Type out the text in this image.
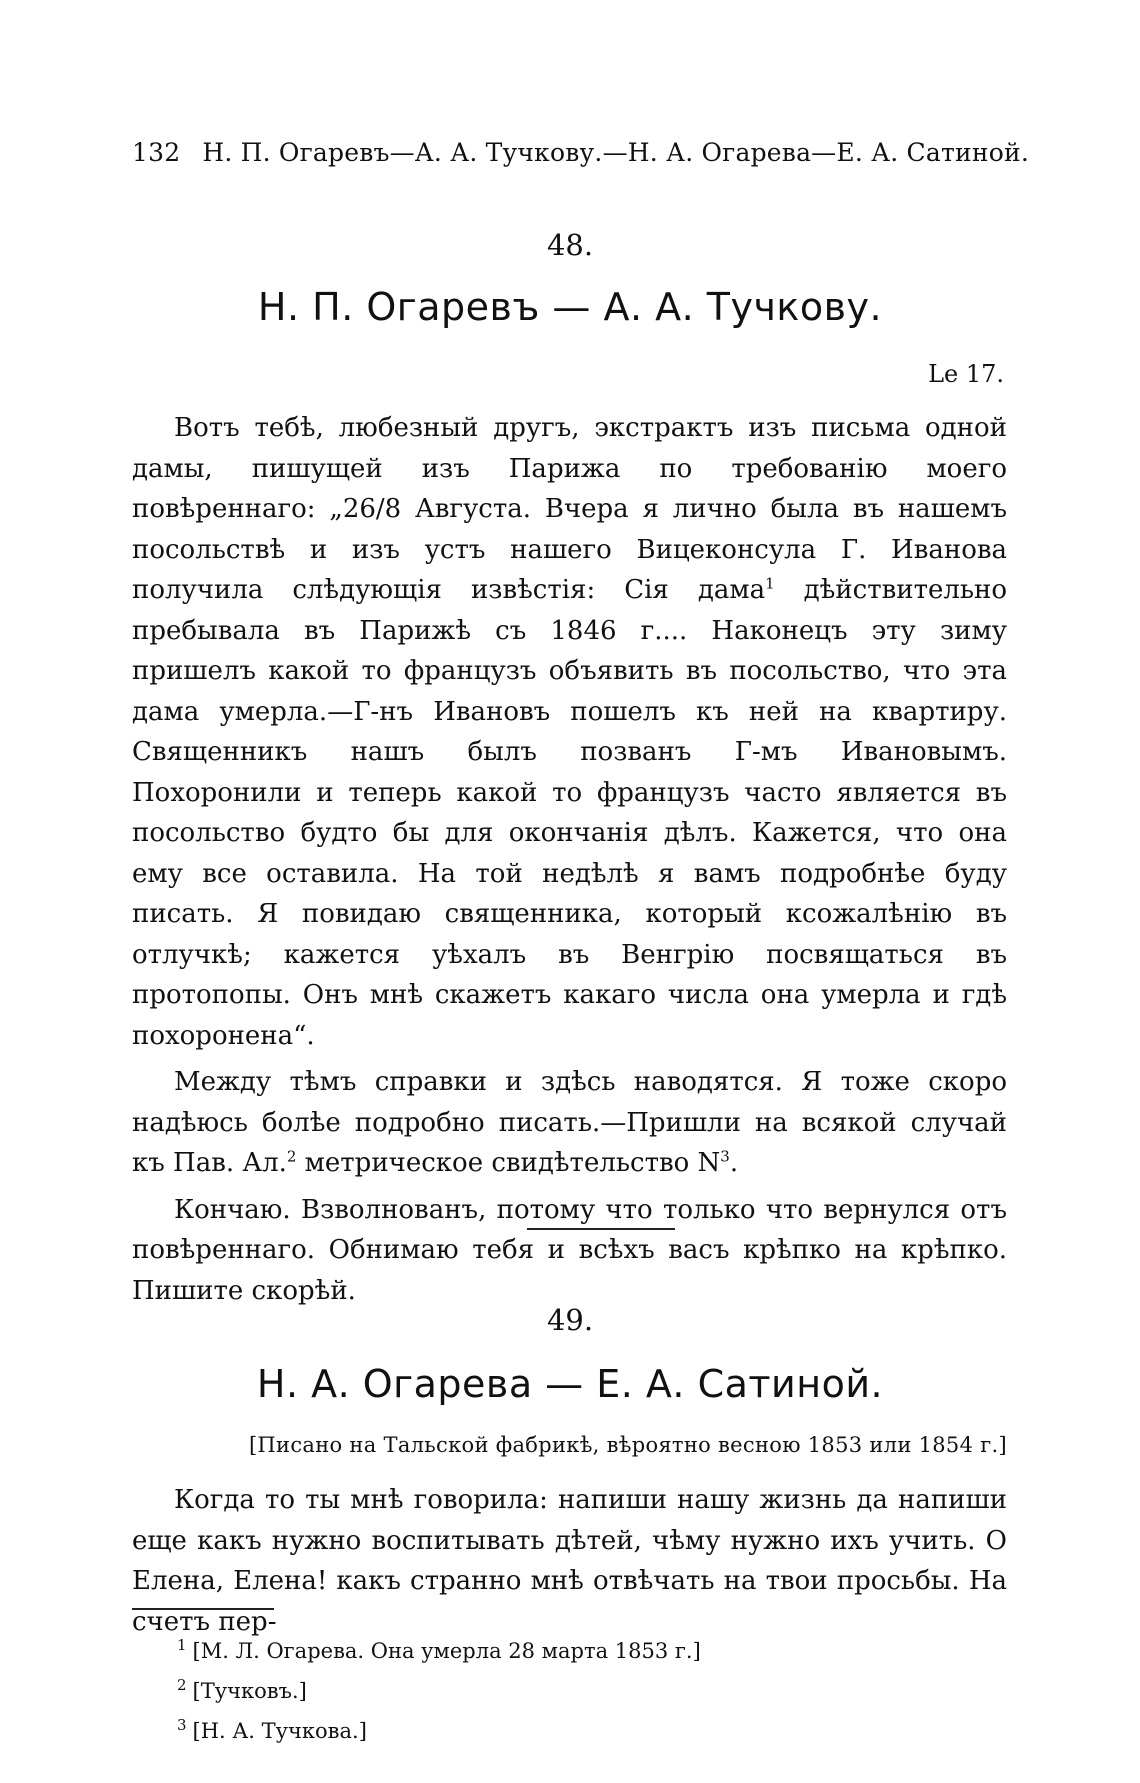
132 Н. П. Огаревъ—А. А. Тучкову.—Н. А. Огарева—Е. А. Сатиной.
48.
Н. П. Огаревъ — А. А. Тучкову.
Le 17.

Вотъ тебѣ, любезный другъ, экстрактъ изъ письма одной дамы, пишущей изъ Парижа по требованію моего повѣреннаго: „26/8 Августа. Вчера я лично была въ нашемъ посольствѣ и изъ устъ нашего Вицеконсула Г. Иванова получила слѣдующія извѣстія: Сія дама$^1$ дѣйствительно пребывала въ Парижѣ съ 1846 г.... Наконецъ эту зиму пришелъ какой то французъ объявить въ посольство, что эта дама умерла.—Г-нъ Ивановъ пошелъ къ ней на квартиру. Священникъ нашъ былъ позванъ Г-мъ Ивановымъ. Похоронили и теперь какой то французъ часто является въ посольство будто бы для окончанія дѣлъ. Кажется, что она ему все оставила. На той недѣлѣ я вамъ подробнѣе буду писать. Я повидаю священника, который ксожалѣнію въ отлучкѣ; кажется уѣхалъ въ Венгрію посвящаться въ протопопы. Онъ мнѣ скажетъ какаго числа она умерла и гдѣ похоронена“.

Между тѣмъ справки и здѣсь наводятся. Я тоже скоро надѣюсь болѣе подробно писать.—Пришли на всякой случай къ Пав. Ал.$^2$ метрическое свидѣтельство $N^3$.

Кончаю. Взволнованъ, потому что только что вернулся отъ повѣреннаго. Обнимаю тебя и всѣхъ васъ крѣпко на крѣпко. Пишите скорѣй.

49.
Н. А. Огарева — Е. А. Сатиной.
[Писано на Тальской фабрикѣ, вѣроятно весною 1853 или 1854 г.]

Когда то ты мнѣ говорила: напиши нашу жизнь да напиши еще какъ нужно воспитывать дѣтей, чѣму нужно ихъ учить. О Елена, Елена! какъ странно мнѣ отвѣчать на твои просьбы. На счетъ пер-

$^1$ [М. Л. Огарева. Она умерла 28 марта 1853 г.]
$^2$ [Тучковъ.]
$^3$ [Н. А. Тучкова.]
